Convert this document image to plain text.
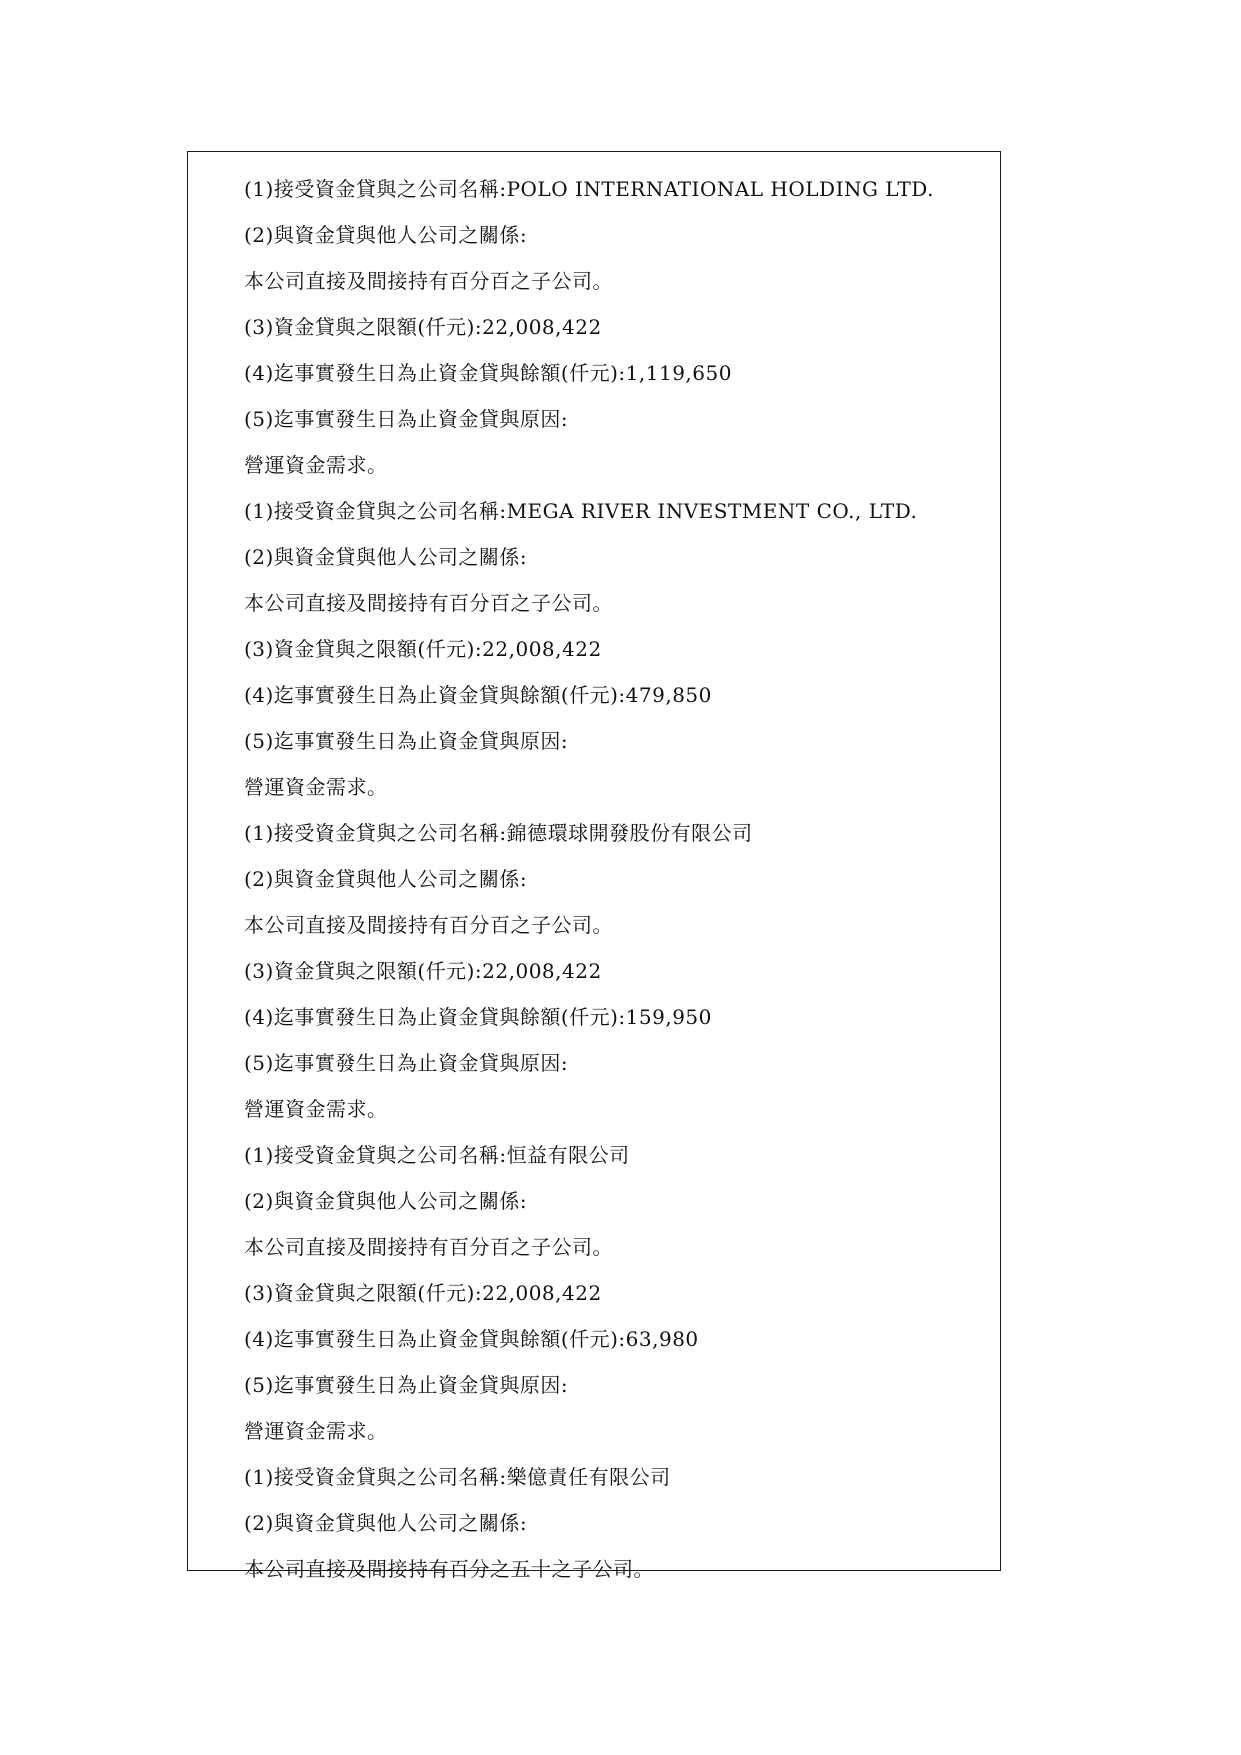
(1)接受資金貸與之公司名稱:POLO INTERNATIONAL HOLDING LTD.
(2)與資金貸與他人公司之關係:
本公司直接及間接持有百分百之子公司。
(3)資金貸與之限額(仟元):22,008,422
(4)迄事實發生日為止資金貸與餘額(仟元):1,119,650
(5)迄事實發生日為止資金貸與原因:
營運資金需求。
(1)接受資金貸與之公司名稱:MEGA RIVER INVESTMENT CO., LTD.
(2)與資金貸與他人公司之關係:
本公司直接及間接持有百分百之子公司。
(3)資金貸與之限額(仟元):22,008,422
(4)迄事實發生日為止資金貸與餘額(仟元):479,850
(5)迄事實發生日為止資金貸與原因:
營運資金需求。
(1)接受資金貸與之公司名稱:錦德環球開發股份有限公司
(2)與資金貸與他人公司之關係:
本公司直接及間接持有百分百之子公司。
(3)資金貸與之限額(仟元):22,008,422
(4)迄事實發生日為止資金貸與餘額(仟元):159,950
(5)迄事實發生日為止資金貸與原因:
營運資金需求。
(1)接受資金貸與之公司名稱:恒益有限公司
(2)與資金貸與他人公司之關係:
本公司直接及間接持有百分百之子公司。
(3)資金貸與之限額(仟元):22,008,422
(4)迄事實發生日為止資金貸與餘額(仟元):63,980
(5)迄事實發生日為止資金貸與原因:
營運資金需求。
(1)接受資金貸與之公司名稱:樂億責任有限公司
(2)與資金貸與他人公司之關係:
本公司直接及間接持有百分之五十之子公司。
